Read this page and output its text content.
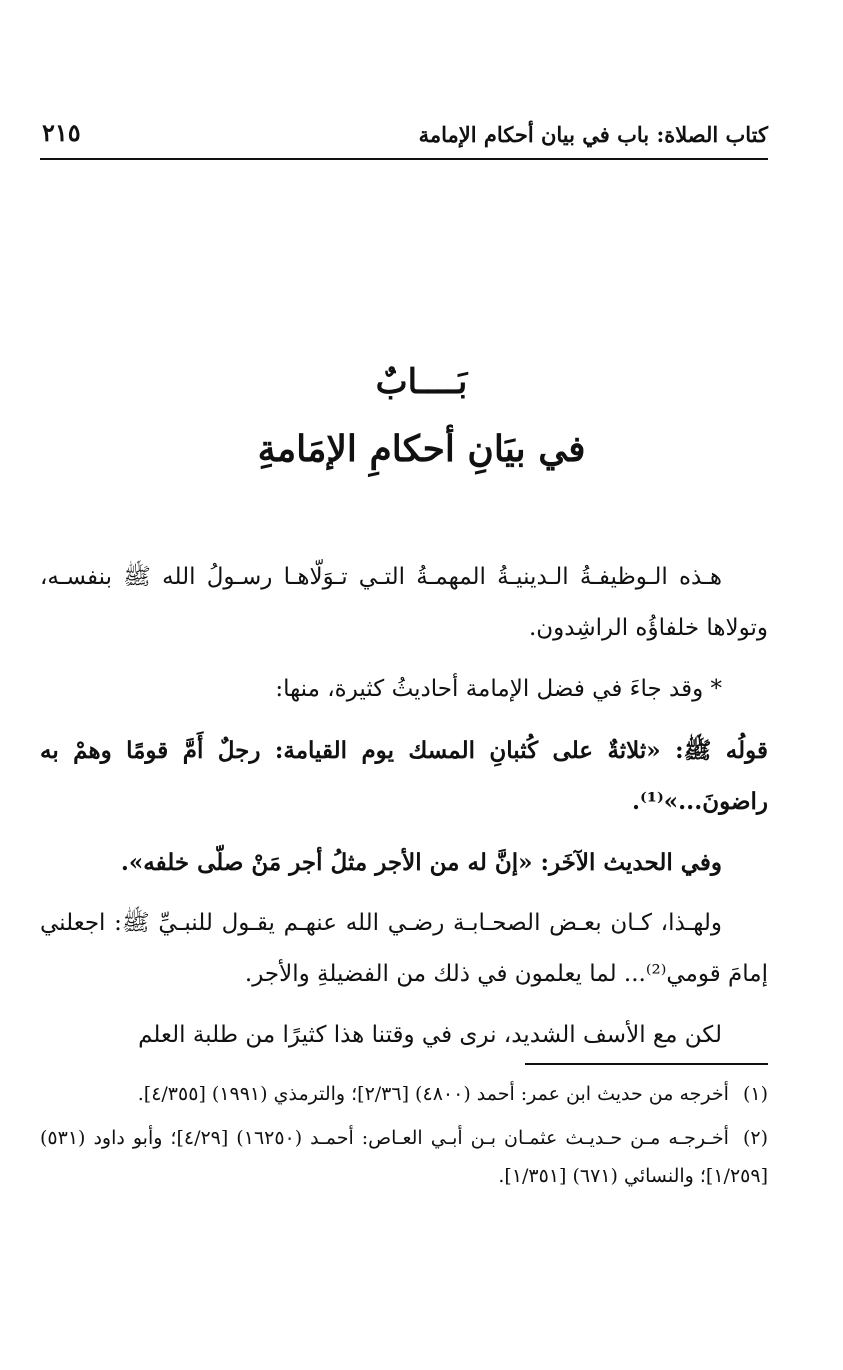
كتاب الصلاة: باب في بيان أحكام الإمامة
٢١٥
بَــــابٌ
في بيَانِ أحكامِ الإمَامةِ

هـذه الـوظيفـةُ الـدينيـةُ المهمـةُ التـي تـوَلّاهـا رسـولُ الله ﷺ بنفسـه، وتولاها خلفاؤُه الراشِدون.

* وقد جاءَ في فضل الإمامة أحاديثُ كثيرة، منها:

قولُه ﷺ: «ثلاثةٌ على كُثبانِ المسك يوم القيامة: رجلٌ أَمَّ قومًا وهمْ به راضونَ...»⁽¹⁾.

وفي الحديث الآخَر: «إنَّ له من الأجر مثلُ أجر مَنْ صلّى خلفه».

ولهـذا، كـان بعـض الصحـابـة رضـي الله عنهـم يقـول للنبـيِّ ﷺ: اجعلني إمامَ قومي⁽²⁾... لما يعلمون في ذلك من الفضيلةِ والأجر.

لكن مع الأسف الشديد، نرى في وقتنا هذا كثيرًا من طلبة العلم

(١)أخرجه من حديث ابن عمر: أحمد (٤٨٠٠) [٢/٣٦]؛ والترمذي (١٩٩١) [٤/٣٥٥].

(٢)أخـرجـه مـن حـديـث عثمـان بـن أبـي العـاص: أحمـد (١٦٢٥٠) [٤/٢٩]؛ وأبو داود (٥٣١) [١/٢٥٩]؛ والنسائي (٦٧١) [١/٣٥١].
